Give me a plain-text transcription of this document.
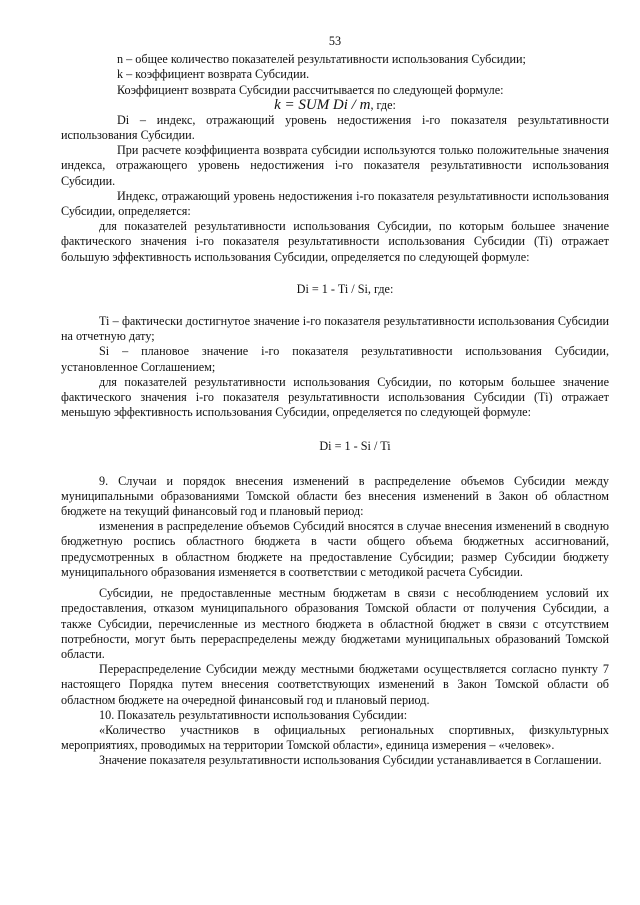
53

n – общее количество показателей результативности использования Субсидии;

k – коэффициент возврата Субсидии.

Коэффициент возврата Субсидии рассчитывается по следующей формуле:

k = SUM Di / m, где:

Di – индекс, отражающий уровень недостижения i-го показателя результативности использования Субсидии.

При расчете коэффициента возврата субсидии используются только положительные значения индекса, отражающего уровень недостижения i-го показателя результативности использования Субсидии.

Индекс, отражающий уровень недостижения i-го показателя результативности использования Субсидии, определяется:

для показателей результативности использования Субсидии, по которым большее значение фактического значения i-го показателя результативности использования Субсидии (Ti) отражает большую эффективность использования Субсидии, определяется по следующей формуле:

Di = 1 - Ti / Si, где:

Ti – фактически достигнутое значение i-го показателя результативности использования Субсидии на отчетную дату;

Si – плановое значение i-го показателя результативности использования Субсидии, установленное Соглашением;

для показателей результативности использования Субсидии, по которым большее значение фактического значения i-го показателя результативности использования Субсидии (Ti) отражает меньшую эффективность использования Субсидии, определяется по следующей формуле:

Di = 1 - Si / Ti

9. Случаи и порядок внесения изменений в распределение объемов Субсидии между муниципальными образованиями Томской области без внесения изменений в Закон об областном бюджете на текущий финансовый год и плановый период:

изменения в распределение объемов Субсидий вносятся в случае внесения изменений в сводную бюджетную роспись областного бюджета в части общего объема бюджетных ассигнований, предусмотренных в областном бюджете на предоставление Субсидии; размер Субсидии бюджету муниципального образования изменяется в соответствии с методикой расчета Субсидии.

Субсидии, не предоставленные местным бюджетам в связи с несоблюдением условий их предоставления, отказом муниципального образования Томской области от получения Субсидии, а также Субсидии, перечисленные из местного бюджета в областной бюджет в связи с отсутствием потребности, могут быть перераспределены между бюджетами муниципальных образований Томской области.

Перераспределение Субсидии между местными бюджетами осуществляется согласно пункту 7 настоящего Порядка путем внесения соответствующих изменений в Закон Томской области об областном бюджете на очередной финансовый год и плановый период.

10. Показатель результативности использования Субсидии:

«Количество участников в официальных региональных спортивных, физкультурных мероприятиях, проводимых на территории Томской области», единица измерения – «человек».

Значение показателя результативности использования Субсидии устанавливается в Соглашении.
